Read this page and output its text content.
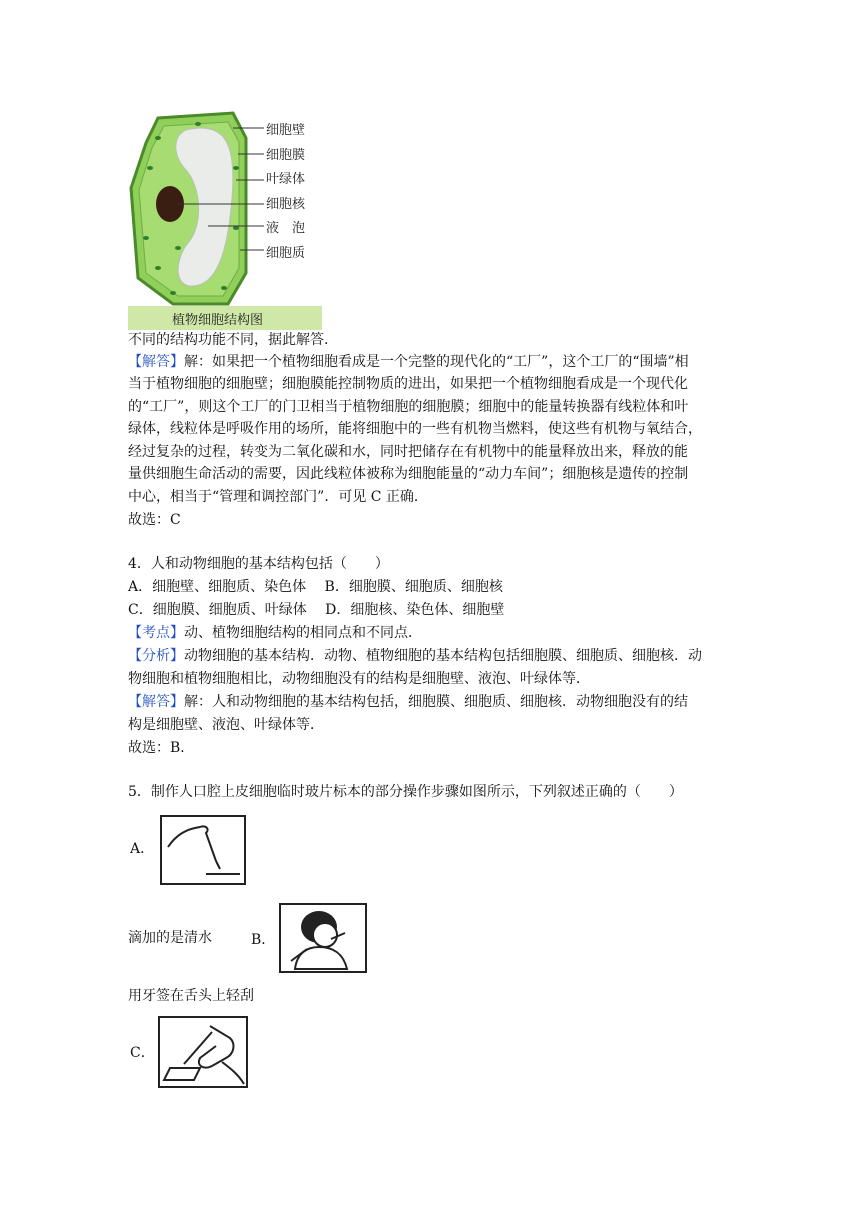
细胞壁
细胞膜
叶绿体
细胞核
液　泡
细胞质
植物细胞结构图
不同的结构功能不同，据此解答.
【解答】解：如果把一个植物细胞看成是一个完整的现代化的“工厂”，这个工厂的“围墙”相
当于植物细胞的细胞壁；细胞膜能控制物质的进出，如果把一个植物细胞看成是一个现代化
的“工厂”，则这个工厂的门卫相当于植物细胞的细胞膜；细胞中的能量转换器有线粒体和叶
绿体，线粒体是呼吸作用的场所，能将细胞中的一些有机物当燃料，使这些有机物与氧结合，
经过复杂的过程，转变为二氧化碳和水，同时把储存在有机物中的能量释放出来，释放的能
量供细胞生命活动的需要，因此线粒体被称为细胞能量的“动力车间”；细胞核是遗传的控制
中心，相当于“管理和调控部门”．可见 C 正确．
故选：C
4．人和动物细胞的基本结构包括（　　）
A．细胞壁、细胞质、染色体　 B．细胞膜、细胞质、细胞核
C．细胞膜、细胞质、叶绿体　 D．细胞核、染色体、细胞壁
【考点】动、植物细胞结构的相同点和不同点．
【分析】动物细胞的基本结构．动物、植物细胞的基本结构包括细胞膜、细胞质、细胞核．动
物细胞和植物细胞相比，动物细胞没有的结构是细胞壁、液泡、叶绿体等．
【解答】解：人和动物细胞的基本结构包括，细胞膜、细胞质、细胞核．动物细胞没有的结
构是细胞壁、液泡、叶绿体等．
故选：B．
5．制作人口腔上皮细胞临时玻片标本的部分操作步骤如图所示，下列叙述正确的（　　）
A．
滴加的是清水	B．
用牙签在舌头上轻刮
C．
